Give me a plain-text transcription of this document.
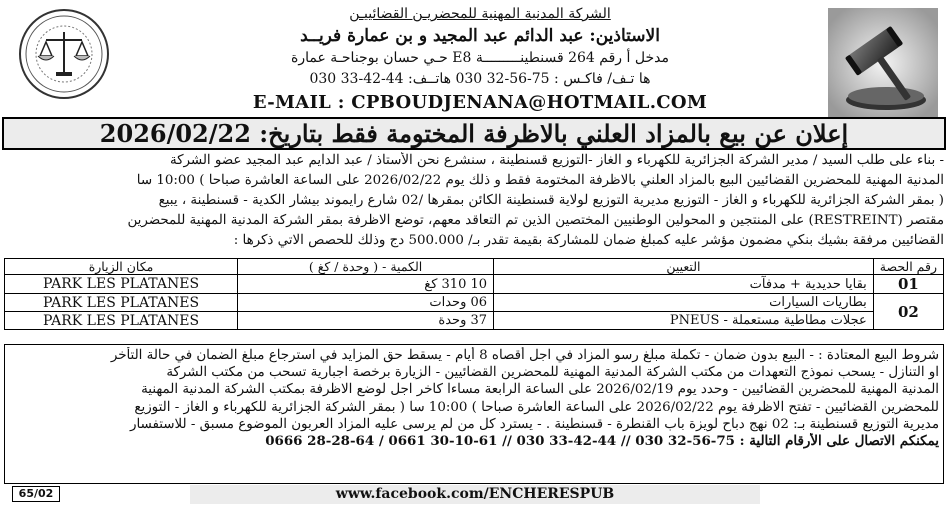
الشركة المدنية المهنية للمحضريـن القضائييـن
الاستاذين: عبد الدائم عبد المجيد و بن عمارة فريــد
مدخل أ رقم 264 قسنطينـــــــــة E8 حـي حسان بوجناحـة عمارة
ها تـف/ فاكـس : 75-56-32 030 هاتــف: 44-42-33 030
E-MAIL : CPBOUDJENANA@HOTMAIL.COM
إعلان عن بيع بالمزاد العلني بالاظرفة المختومة فقط بتاريخ: 2026/02/22
- بناء على طلب السيد / مدير الشركة الجزائرية للكهرباء و الغاز -التوزيع قسنطينة ، سنشرع نحن الأستاذ / عبد الدايم عبد المجيد عضو الشركة
المدنية المهنية للمحضرين القضائيين البيع بالمزاد العلني بالاظرفة المختومة فقط و ذلك يوم 2026/02/22 على الساعة العاشرة صباحا ) 10:00 سا
( بمقر الشركة الجزائرية للكهرباء و الغاز - التوزيع مديرية التوزيع لولاية قسنطينة الكائن بمقرها /02 شارع رايموند بيشار الكدية - قسنطينة ، يبيع
مقتصر (RESTREINT) على المنتجين و المحولين الوطنيين المختصين الذين تم التعاقد معهم، توضع الاظرفة بمقر الشركة المدنية المهنية للمحضرين
القضائيين مرفقة بشيك بنكي مضمون مؤشر عليه كمبلغ ضمان للمشاركة بقيمة تقدر بـ/ 500.000 دج وذلك للحصص الاتي ذكرها :
رقم الحصة	التعيين	الكمية - ( وحدة / كغ )	مكان الزيارة
01	بقايا حديدية + مدفآت	10 310 كغ	PARK LES PLATANES
02	بطاريات السيارات	06 وحدات	PARK LES PLATANES
	عجلات مطاطية مستعملة - PNEUS	37 وحدة	PARK LES PLATANES
شروط البيع المعتادة : - البيع بدون ضمان - تكملة مبلغ رسو المزاد في اجل أقصاه 8 أيام - يسقط حق المزايد في استرجاع مبلغ الضمان في حالة التأخر
او التنازل - يسحب نموذج التعهدات من مكتب الشركة المدنية المهنية للمحضرين القضائيين - الزيارة برخصة اجبارية تسحب من مكتب الشركة
المدنية المهنية للمحضرين القضائيين - وحدد يوم 2026/02/19 على الساعة الرابعة مساءا كاخر اجل لوضع الاظرفة بمكتب الشركة المدنية المهنية
للمحضرين القضائيين - تفتح الاظرفة يوم 2026/02/22 على الساعة العاشرة صباحا ) 10:00 سا ( بمقر الشركة الجزائرية للكهرباء و الغاز - التوزيع
مديرية التوزيع قسنطينة بـ: 02 نهج دباح لويزة باب القنطرة - قسنطينة . - يسترد كل من لم يرسى عليه المزاد العربون الموضوع مسبق - للاستفسار
يمكنكم الاتصال على الأرقام التالية : 75-56-32 030 // 44-42-33 030 // 61-10-30 0661 / 64-28-28 0666
65/02	www.facebook.com/ENCHERESPUB
